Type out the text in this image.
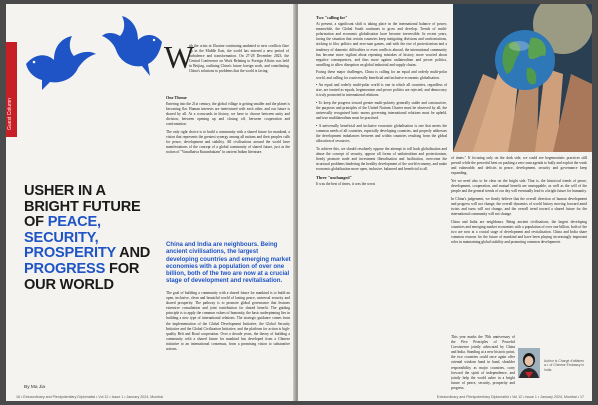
Guest Column
W

ith the crisis in Ukraine continuing unabated to new conflicts flare up in the Middle East, the world has entered a new period of turbulence and transformation. On 27-28 December 2023, the Central Conference on Work Relating to Foreign Affairs was held in Beijing, outlining China's future foreign work, and contributing China's solutions to problems that the world is facing.

One Theme

Entering into the 21st century, the global village is getting smaller and the planet is becoming flat. Human interests are intertwined with each other, and our future is shared by all. At a crossroads in history, we have to choose between unity and division, between opening up and closing off, between cooperation and confrontation.

The only right choice is to build a community with a shared future for mankind, a vision that represents the greatest synergy among all nations and their peoples calls for peace, development and stability. All civilisations around the world have manifestations of the concept of a global community of shared future, just as the notion of "Vasudhaiva Kutumbakam" in ancient Indian literature.

USHER IN A BRIGHT FUTURE OF PEACE, SECURITY, PROSPERITY AND PROGRESS FOR OUR WORLD
China and India are neighbours. Being ancient civilisations, the largest developing countries and emerging market economies with a population of over one billion, both of the two are now at a crucial stage of development and revitalisation.

The goal of building a community with a shared future for mankind is to build an open, inclusive, clean and beautiful world of lasting peace, universal security and shared prosperity. The pathway is to promote global governance that features extensive consultation and joint contribution for shared benefit. The guiding principle is to apply the common values of humanity, the basic underpinning lies in building a new type of international relations. The strategic guidance comes from the implementation of the Global Development Initiative, the Global Security Initiative and the Global Civilization Initiative, and the platform for action is high-quality Belt and Road cooperation. Over a decade years, the theory of building a community with a shared future for mankind has developed from a Chinese initiative to an international consensus, from a promising vision to substantive actions.

By Ma Jia
16 • Extraordinary and Plenipotentiary Diplomatist • Vol 12 • Issue 1 • January 2024, Mumbai
Two "calling for"

At present, a significant shift is taking place in the international balance of power, meanwhile, the Global South continues to grow and develop. Trends of multi-polarization and economic globalisation have become irreversible. In recent years, facing the situation that certain countries keep instigating divisions and confrontations, sticking to bloc politics and zero-sum games, and with the rise of protectionism and a tendency of domestic difficulties or even conflicts abroad, the international community has become more vigilant about repeating mistakes of history, more worried about negative consequences, and thus more against unilateralism and power politics, unwilling to allow disruption on global industrial and supply chains.

Facing these major challenges, China is calling for an equal and orderly multi-polar world, and calling for a universally beneficial and inclusive economic globalisation.

• An equal and orderly multi-polar world is one in which all countries, regardless of size, are treated as equals, hegemonism and power politics are rejected, and democracy is truly promoted in international relations.

• To keep the progress toward greater multi-polarity generally stable and constructive, the purposes and principles of the United Nations Charter must be observed by all, the universally recognised basic norms governing international relations must be upheld, and true multilateralism must be practised.

• A universally beneficial and inclusive economic globalisation is one that meets the common needs of all countries, especially developing countries, and properly addresses the development imbalances between and within countries resulting from the global allocation of resources.

To achieve this, we should resolutely oppose the attempt to roll back globalisation and abuse the concept of security, oppose all forms of unilateralism and protectionism, firmly promote trade and investment liberalisation and facilitation, overcome the structural problems hindering the healthy development of the world economy, and make economic globalisation more open, inclusive, balanced and beneficial to all.

Three "unchanged"

It was the best of times, it was the worst

of times." If focusing only on the dark side, we could see hegemonistic practices still prevail while the powerful bent on pushing a zero-sum agenda to bully and exploit the weak and vulnerable, and deficits in peace, development, security and governance keep expanding.

Yet we need also to be clear on the bright side. That is, the historical trends of peace, development, cooperation, and mutual benefit are unstoppable, as well as the will of the people and the general trends of our day will eventually lead to a bright future for humanity.

In China's judgement, we firmly believe that the overall direction of human development and progress will not change, the overall dynamics of world history moving forward amid twists and turns will not change, and the overall trend toward a shared future for the international community will not change.

China and India are neighbours. Being ancient civilisations, the largest developing countries and emerging market economies with a population of over one billion, both of the two are now at a crucial stage of development and revitalisation. China and India share common reasons for the future of mankind and have been playing increasingly important roles in maintaining global stability and promoting common development.

This year marks the 70th anniversary of the Five Principles of Peaceful Coexistence jointly advocated by China and India. Standing at a new historic point, the two countries could once again offer oriental wisdom hand in hand, shoulder responsibility as major countries, carry forward the spirit of independence, and jointly help the world usher in a bright future of peace, security, prosperity and progress.

Author is Chargé d'affaires a.i. of Chinese Embassy in India
Extraordinary and Plenipotentiary Diplomatist • Vol 12 • Issue 1 • January 2024, Mumbai • 17
